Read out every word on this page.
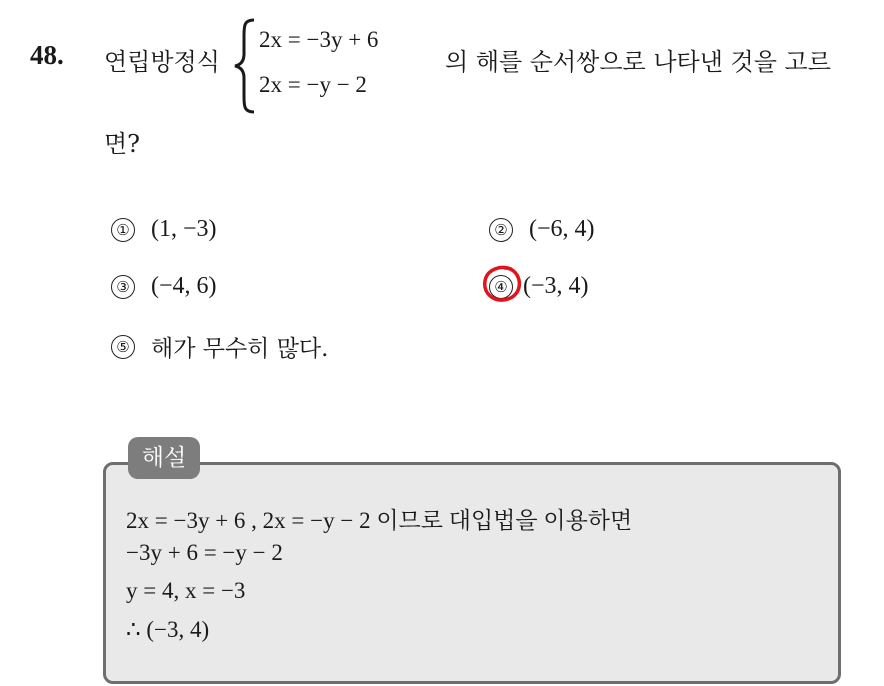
48. 연립방정식
2x = −3y + 6
2x = −y − 2
의 해를 순서쌍으로 나타낸 것을 고르
면?
① (1, −3)	② (−6, 4)
③ (−4, 6)	④ (−3, 4)
⑤ 해가 무수히 많다.
해설
2x = −3y + 6 , 2x = −y − 2 이므로 대입법을 이용하면
−3y + 6 = −y − 2
y = 4, x = −3
∴ (−3, 4)
